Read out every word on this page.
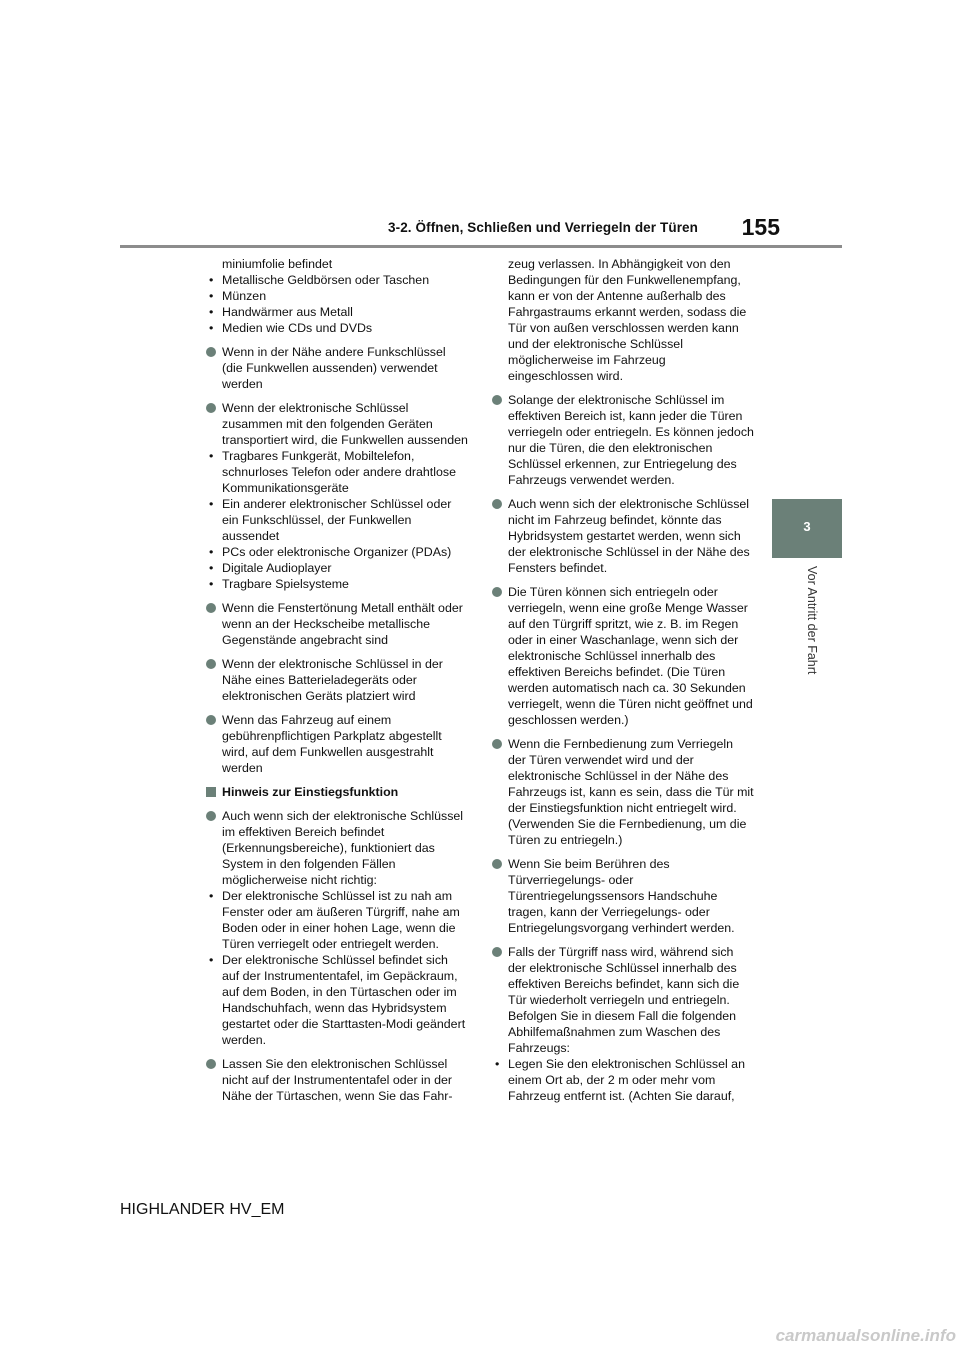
3-2. Öffnen, Schließen und Verriegeln der Türen	155
3
Vor Antritt der Fahrt
miniumfolie befindet
• Metallische Geldbörsen oder Taschen
• Münzen
• Handwärmer aus Metall
• Medien wie CDs und DVDs
Wenn in der Nähe andere Funkschlüssel (die Funkwellen aussenden) verwendet werden
Wenn der elektronische Schlüssel zusammen mit den folgenden Geräten transportiert wird, die Funkwellen aussenden
• Tragbares Funkgerät, Mobiltelefon, schnurloses Telefon oder andere drahtlose Kommunikationsgeräte
• Ein anderer elektronischer Schlüssel oder ein Funkschlüssel, der Funkwellen aussendet
• PCs oder elektronische Organizer (PDAs)
• Digitale Audioplayer
• Tragbare Spielsysteme
Wenn die Fenstertönung Metall enthält oder wenn an der Heckscheibe metallische Gegenstände angebracht sind
Wenn der elektronische Schlüssel in der Nähe eines Batterieladegeräts oder elektronischen Geräts platziert wird
Wenn das Fahrzeug auf einem gebührenpflichtigen Parkplatz abgestellt wird, auf dem Funkwellen ausgestrahlt werden
Hinweis zur Einstiegsfunktion
Auch wenn sich der elektronische Schlüssel im effektiven Bereich befindet (Erkennungsbereiche), funktioniert das System in den folgenden Fällen möglicherweise nicht richtig:
• Der elektronische Schlüssel ist zu nah am Fenster oder am äußeren Türgriff, nahe am Boden oder in einer hohen Lage, wenn die Türen verriegelt oder entriegelt werden.
• Der elektronische Schlüssel befindet sich auf der Instrumententafel, im Gepäckraum, auf dem Boden, in den Türtaschen oder im Handschuhfach, wenn das Hybridsystem gestartet oder die Starttasten-Modi geändert werden.
Lassen Sie den elektronischen Schlüssel nicht auf der Instrumententafel oder in der Nähe der Türtaschen, wenn Sie das Fahr-
zeug verlassen. In Abhängigkeit von den Bedingungen für den Funkwellenempfang, kann er von der Antenne außerhalb des Fahrgastraums erkannt werden, sodass die Tür von außen verschlossen werden kann und der elektronische Schlüssel möglicherweise im Fahrzeug eingeschlossen wird.
Solange der elektronische Schlüssel im effektiven Bereich ist, kann jeder die Türen verriegeln oder entriegeln. Es können jedoch nur die Türen, die den elektronischen Schlüssel erkennen, zur Entriegelung des Fahrzeugs verwendet werden.
Auch wenn sich der elektronische Schlüssel nicht im Fahrzeug befindet, könnte das Hybridsystem gestartet werden, wenn sich der elektronische Schlüssel in der Nähe des Fensters befindet.
Die Türen können sich entriegeln oder verriegeln, wenn eine große Menge Wasser auf den Türgriff spritzt, wie z. B. im Regen oder in einer Waschanlage, wenn sich der elektronische Schlüssel innerhalb des effektiven Bereichs befindet. (Die Türen werden automatisch nach ca. 30 Sekunden verriegelt, wenn die Türen nicht geöffnet und geschlossen werden.)
Wenn die Fernbedienung zum Verriegeln der Türen verwendet wird und der elektronische Schlüssel in der Nähe des Fahrzeugs ist, kann es sein, dass die Tür mit der Einstiegsfunktion nicht entriegelt wird. (Verwenden Sie die Fernbedienung, um die Türen zu entriegeln.)
Wenn Sie beim Berühren des Türverriegelungs- oder Türentriegelungssensors Handschuhe tragen, kann der Verriegelungs- oder Entriegelungsvorgang verhindert werden.
Falls der Türgriff nass wird, während sich der elektronische Schlüssel innerhalb des effektiven Bereichs befindet, kann sich die Tür wiederholt verriegeln und entriegeln. Befolgen Sie in diesem Fall die folgenden Abhilfemaßnahmen zum Waschen des Fahrzeugs:
• Legen Sie den elektronischen Schlüssel an einem Ort ab, der 2 m oder mehr vom Fahrzeug entfernt ist. (Achten Sie darauf,
HIGHLANDER HV_EM
carmanualsonline.info
